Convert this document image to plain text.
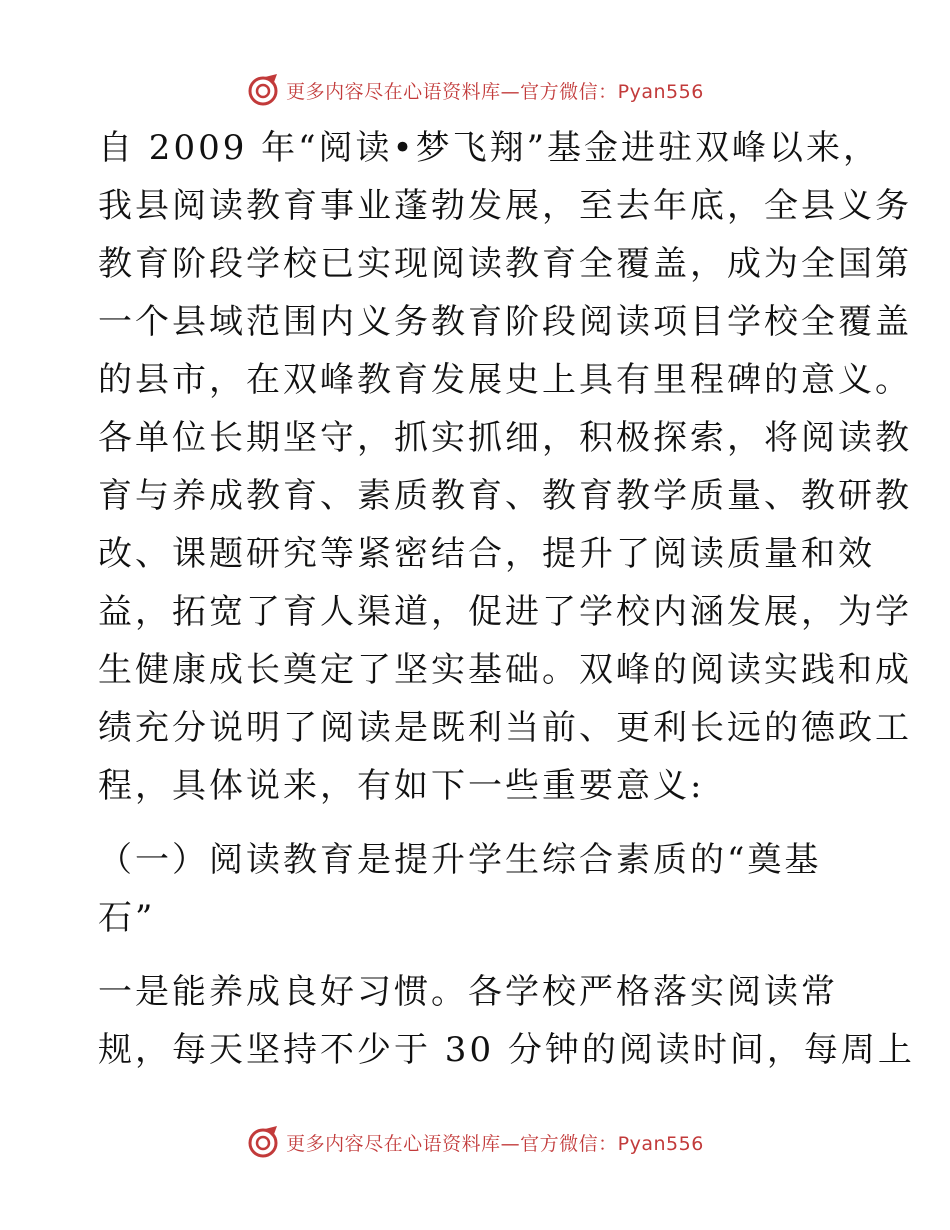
更多内容尽在心语资料库—官方微信：Pyan556
自 2009 年“阅读•梦飞翔”基金进驻双峰以来，
我县阅读教育事业蓬勃发展，至去年底，全县义务
教育阶段学校已实现阅读教育全覆盖，成为全国第
一个县域范围内义务教育阶段阅读项目学校全覆盖
的县市，在双峰教育发展史上具有里程碑的意义。
各单位长期坚守，抓实抓细，积极探索，将阅读教
育与养成教育、素质教育、教育教学质量、教研教
改、课题研究等紧密结合，提升了阅读质量和效
益，拓宽了育人渠道，促进了学校内涵发展，为学
生健康成长奠定了坚实基础。双峰的阅读实践和成
绩充分说明了阅读是既利当前、更利长远的德政工
程，具体说来，有如下一些重要意义:
（一）阅读教育是提升学生综合素质的“奠基
石”
一是能养成良好习惯。各学校严格落实阅读常
规，每天坚持不少于 30 分钟的阅读时间，每周上
更多内容尽在心语资料库—官方微信：Pyan556
